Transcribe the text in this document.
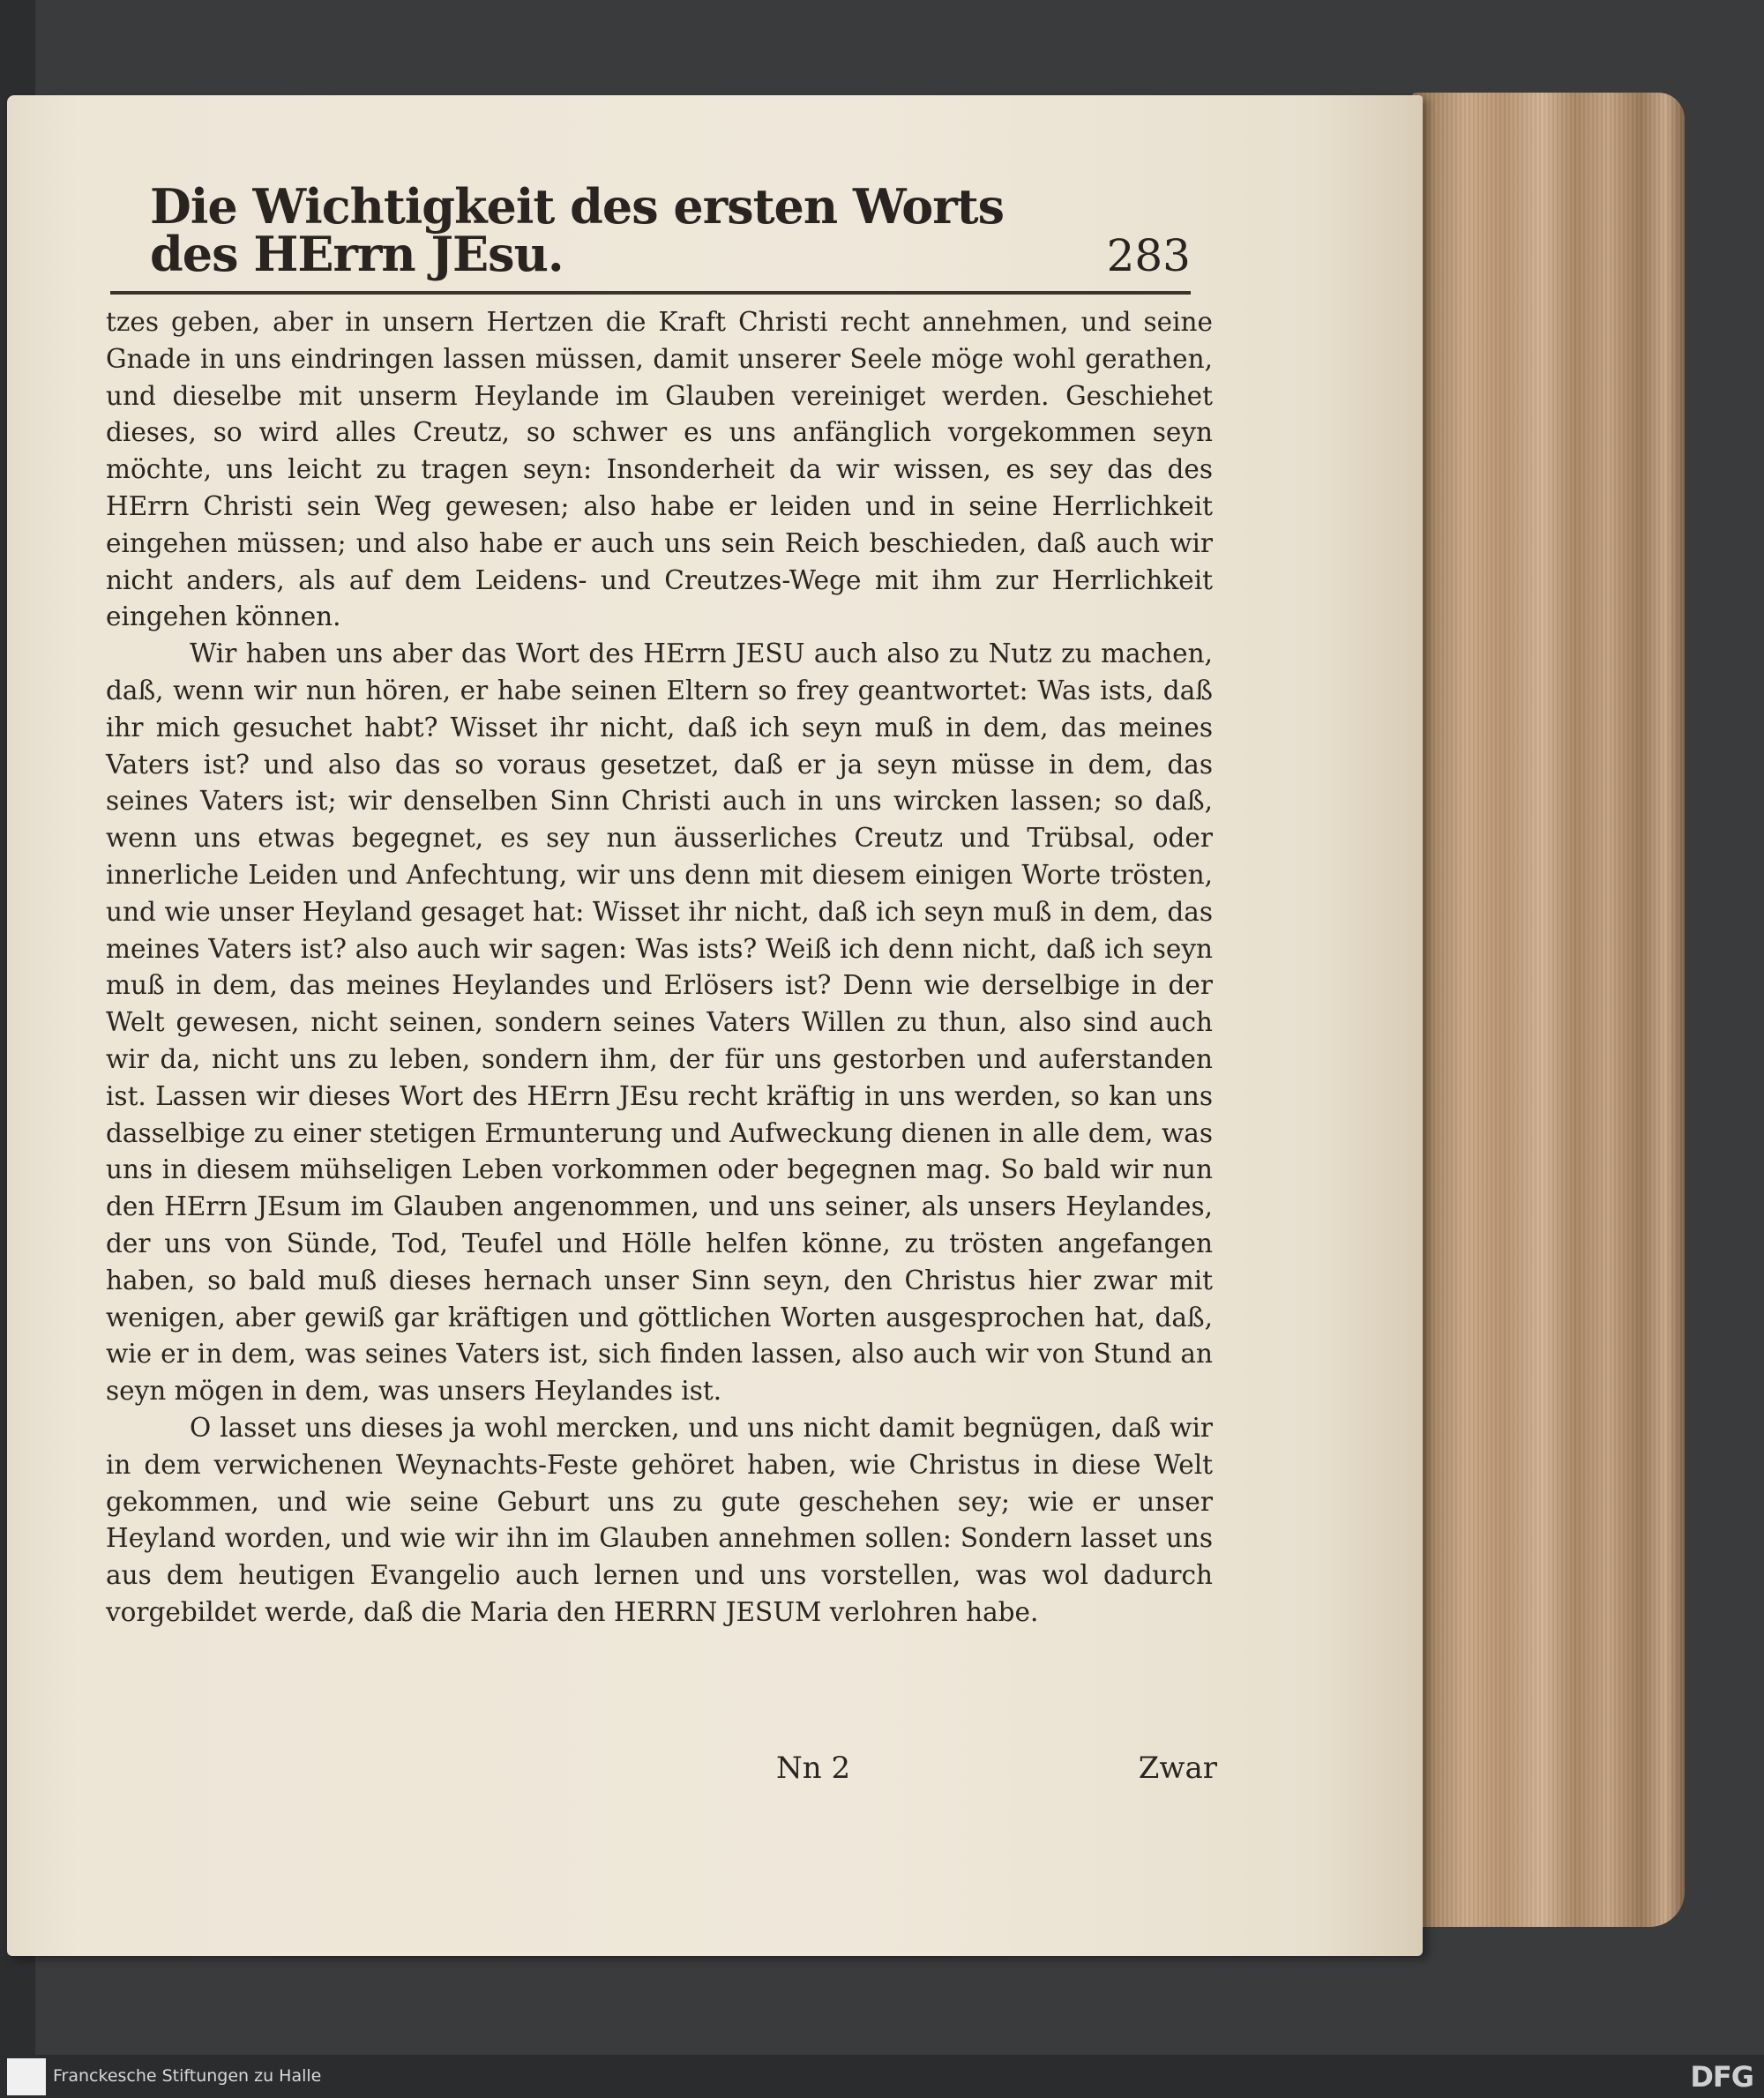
Die Wichtigkeit des ersten Worts des HErrn JEsu.	283

tzes geben, aber in unsern Hertzen die Kraft Christi recht annehmen, und seine Gnade in uns eindringen lassen müssen, damit unserer Seele möge wohl gerathen, und dieselbe mit unserm Heylande im Glauben vereiniget werden. Geschiehet dieses, so wird alles Creutz, so schwer es uns anfänglich vorgekommen seyn möchte, uns leicht zu tragen seyn: Insonderheit da wir wissen, es sey das des HErrn Christi sein Weg gewesen; also habe er leiden und in seine Herrlichkeit eingehen müssen; und also habe er auch uns sein Reich beschieden, daß auch wir nicht anders, als auf dem Leidens- und Creutzes-Wege mit ihm zur Herrlichkeit eingehen können.

Wir haben uns aber das Wort des HErrn JESU auch also zu Nutz zu machen, daß, wenn wir nun hören, er habe seinen Eltern so frey geantwortet: Was ists, daß ihr mich gesuchet habt? Wisset ihr nicht, daß ich seyn muß in dem, das meines Vaters ist? und also das so voraus gesetzet, daß er ja seyn müsse in dem, das seines Vaters ist; wir denselben Sinn Christi auch in uns wircken lassen; so daß, wenn uns etwas begegnet, es sey nun äusserliches Creutz und Trübsal, oder innerliche Leiden und Anfechtung, wir uns denn mit diesem einigen Worte trösten, und wie unser Heyland gesaget hat: Wisset ihr nicht, daß ich seyn muß in dem, das meines Vaters ist? also auch wir sagen: Was ists? Weiß ich denn nicht, daß ich seyn muß in dem, das meines Heylandes und Erlösers ist? Denn wie derselbige in der Welt gewesen, nicht seinen, sondern seines Vaters Willen zu thun, also sind auch wir da, nicht uns zu leben, sondern ihm, der für uns gestorben und auferstanden ist. Lassen wir dieses Wort des HErrn JEsu recht kräftig in uns werden, so kan uns dasselbige zu einer stetigen Ermunterung und Aufweckung dienen in alle dem, was uns in diesem mühseligen Leben vorkommen oder begegnen mag. So bald wir nun den HErrn JEsum im Glauben angenommen, und uns seiner, als unsers Heylandes, der uns von Sünde, Tod, Teufel und Hölle helfen könne, zu trösten angefangen haben, so bald muß dieses hernach unser Sinn seyn, den Christus hier zwar mit wenigen, aber gewiß gar kräftigen und göttlichen Worten ausgesprochen hat, daß, wie er in dem, was seines Vaters ist, sich finden lassen, also auch wir von Stund an seyn mögen in dem, was unsers Heylandes ist.

O lasset uns dieses ja wohl mercken, und uns nicht damit begnügen, daß wir in dem verwichenen Weynachts-Feste gehöret haben, wie Christus in diese Welt gekommen, und wie seine Geburt uns zu gute geschehen sey; wie er unser Heyland worden, und wie wir ihn im Glauben annehmen sollen: Sondern lasset uns aus dem heutigen Evangelio auch lernen und uns vorstellen, was wol dadurch vorgebildet werde, daß die Maria den HERRN JESUM verlohren habe.

Nn 2	Zwar
Franckesche Stiftungen zu Halle	DFG
